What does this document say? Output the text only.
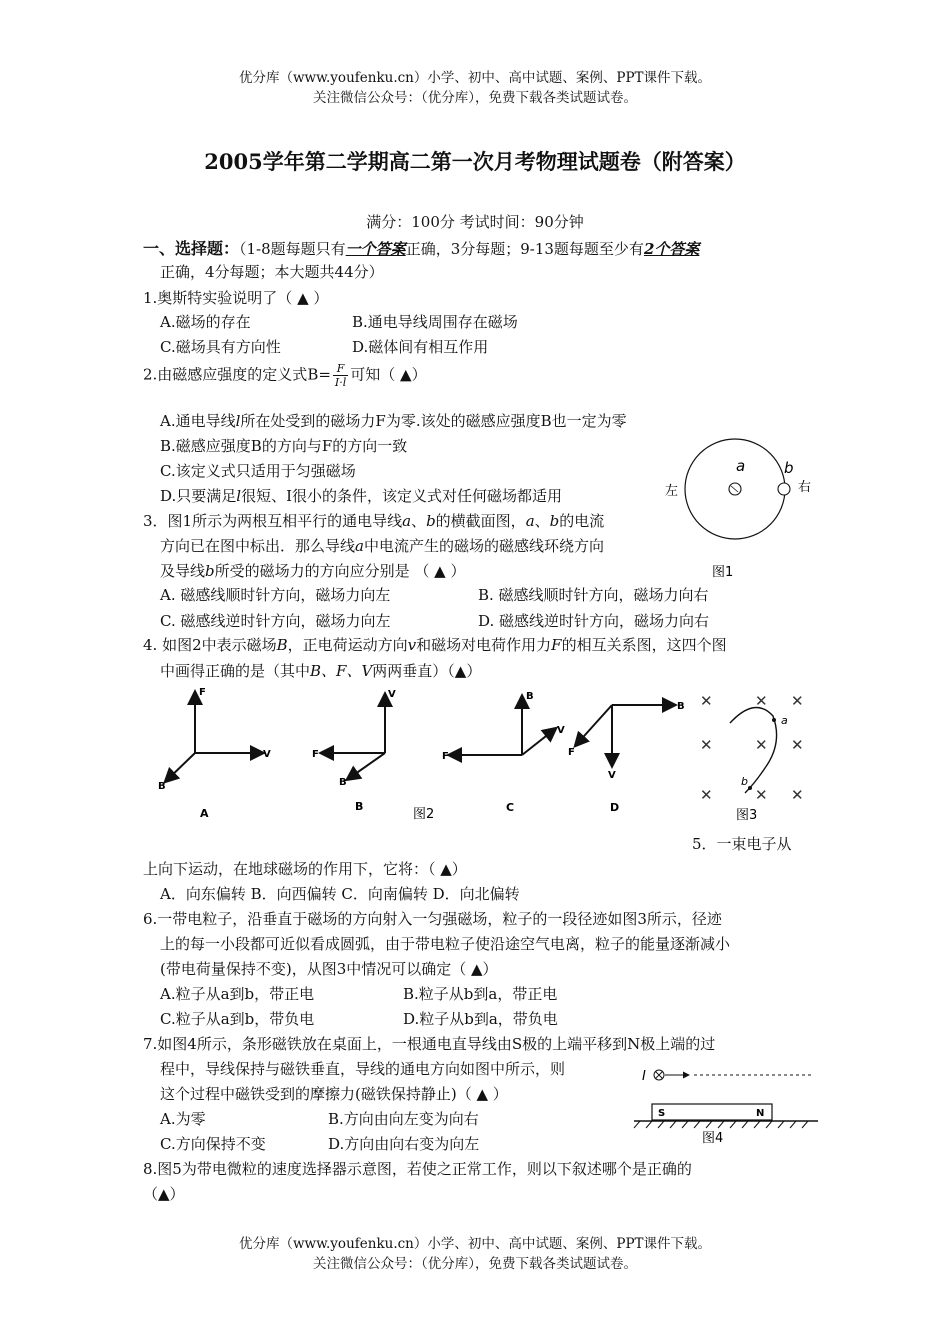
优分库（www.youfenku.cn）小学、初中、高中试题、案例、PPT课件下载。
关注微信公众号：（优分库），免费下载各类试题试卷。
2005学年第二学期高二第一次月考物理试题卷（附答案）
满分：100分 考试时间：90分钟
一、选择题：（1-8题每题只有一个答案正确，3分每题；9-13题每题至少有2个答案
正确，4分每题；本大题共44分）
1.奥斯特实验说明了（ ▲ ）
A.磁场的存在	B.通电导线周围存在磁场
C.磁场具有方向性	D.磁体间有相互作用
2.由磁感应强度的定义式$B= \frac{F}{I\cdot l}$ 可知（ ▲）
A.通电导线l所在处受到的磁场力F为零.该处的磁感应强度B也一定为零
B.磁感应强度B的方向与F的方向一致
C.该定义式只适用于匀强磁场
D.只要满足l很短、I很小的条件，该定义式对任何磁场都适用
a	b
左	右
图1
3．图1所示为两根互相平行的通电导线a、b的横截面图，a、b的电流
方向已在图中标出．那么导线a中电流产生的磁场的磁感线环绕方向
及导线b所受的磁场力的方向应分别是 （ ▲ ）
A. 磁感线顺时针方向，磁场力向左	B. 磁感线顺时针方向，磁场力向右
C. 磁感线逆时针方向，磁场力向左	D. 磁感线逆时针方向，磁场力向右
4. 如图2中表示磁场B，正电荷运动方向v和磁场对电荷作用力F的相互关系图，这四个图
中画得正确的是（其中B、F、V两两垂直）（▲）
F
V
B
A
V
F
B
B
图2
B
F
V
C
B
F
V
D
✕	✕ ✕
✕	✕ ✕
✕	✕ ✕
a
b
图3
5．一束电子从
上向下运动，在地球磁场的作用下，它将：（ ▲）
A．向东偏转 B．向西偏转 C．向南偏转 D．向北偏转
6.一带电粒子，沿垂直于磁场的方向射入一匀强磁场，粒子的一段径迹如图3所示，径迹
上的每一小段都可近似看成圆弧，由于带电粒子使沿途空气电离，粒子的能量逐渐减小
(带电荷量保持不变)，从图3中情况可以确定（ ▲）
A.粒子从a到b，带正电	B.粒子从b到a，带正电
C.粒子从a到b，带负电	D.粒子从b到a，带负电
7.如图4所示，条形磁铁放在桌面上，一根通电直导线由S极的上端平移到N极上端的过
程中，导线保持与磁铁垂直，导线的通电方向如图中所示，则
这个过程中磁铁受到的摩擦力(磁铁保持静止)（ ▲ ）
A.为零	B.方向由向左变为向右
C.方向保持不变	D.方向由向右变为向左
I
S	N
图4
8.图5为带电微粒的速度选择器示意图，若使之正常工作，则以下叙述哪个是正确的
（▲）
优分库（www.youfenku.cn）小学、初中、高中试题、案例、PPT课件下载。
关注微信公众号：（优分库），免费下载各类试题试卷。
